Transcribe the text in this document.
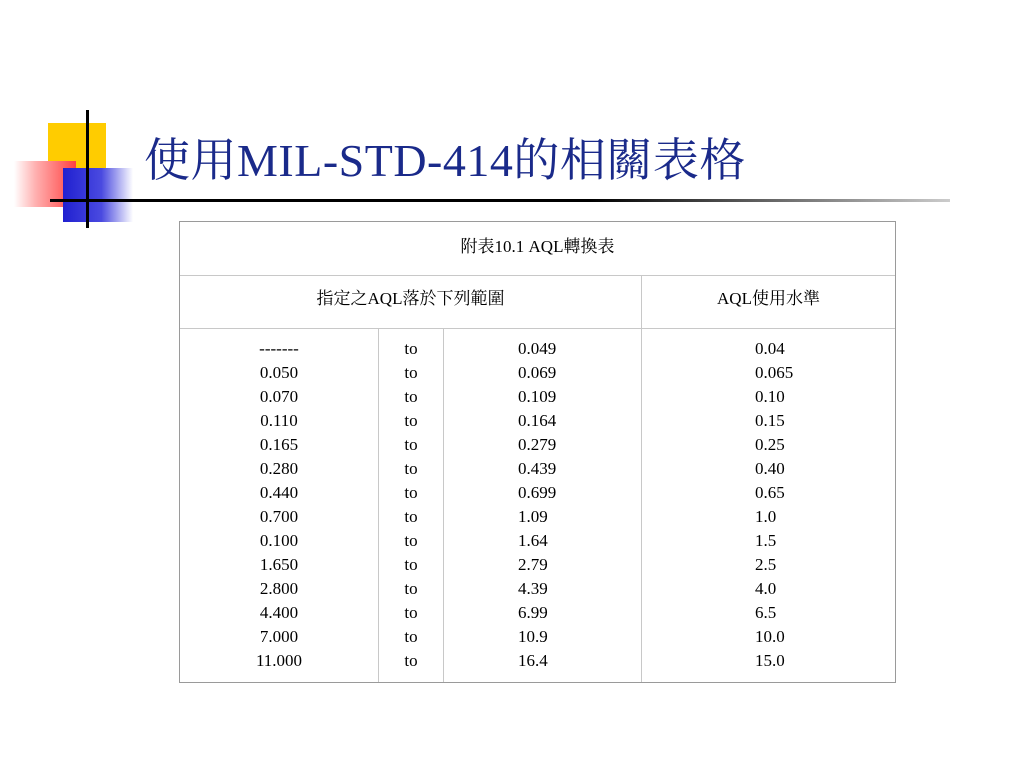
使用MIL-STD-414的相關表格
附表10.1 AQL轉換表
指定之AQL落於下列範圍	AQL使用水準
-------
0.050
0.070
0.110
0.165
0.280
0.440
0.700
0.100
1.650
2.800
4.400
7.000
11.000
to
to
to
to
to
to
to
to
to
to
to
to
to
to
0.049
0.069
0.109
0.164
0.279
0.439
0.699
1.09
1.64
2.79
4.39
6.99
10.9
16.4
0.04
0.065
0.10
0.15
0.25
0.40
0.65
1.0
1.5
2.5
4.0
6.5
10.0
15.0
